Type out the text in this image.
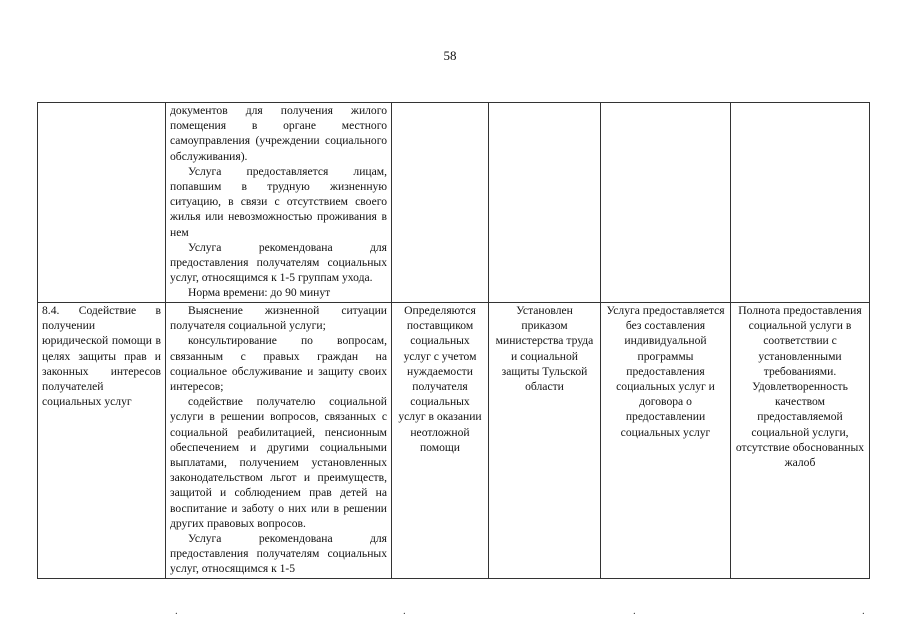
58

	документов для получения жилого помещения в органе местного самоуправления (учреждении социального обслуживания).
Услуга предоставляется лицам, попавшим в трудную жизненную ситуацию, в связи с отсутствием своего жилья или невозможностью проживания в нем
Услуга рекомендована для предоставления получателям социальных услуг, относящимся к 1-5 группам ухода.
Норма времени: до 90 минут				

8.4. Содействие в получении юридической помощи в целях защиты прав и законных интересов получателей социальных услуг	Выяснение жизненной ситуации получателя социальной услуги;
консультирование по вопросам, связанным с правых граждан на социальное обслуживание и защиту своих интересов;
содействие получателю социальной услуги в решении вопросов, связанных с социальной реабилитацией, пенсионным обеспечением и другими социальными выплатами, получением установленных законодательством льгот и преимуществ, защитой и соблюдением прав детей на воспитание и заботу о них или в решении других правовых вопросов.
Услуга рекомендована для предоставления получателям социальных услуг, относящимся к 1-5	Определяются поставщиком социальных услуг с учетом нуждаемости получателя социальных услуг в оказании неотложной помощи	Установлен приказом министерства труда и социальной защиты Тульской области	Услуга предоставляется без составления индивидуальной программы предоставления социальных услуг и договора о предоставлении социальных услуг	Полнота предоставления социальной услуги в соответствии с установленными требованиями. Удовлетворенность качеством предоставляемой социальной услуги, отсутствие обоснованных жалоб
.	.	.	.
